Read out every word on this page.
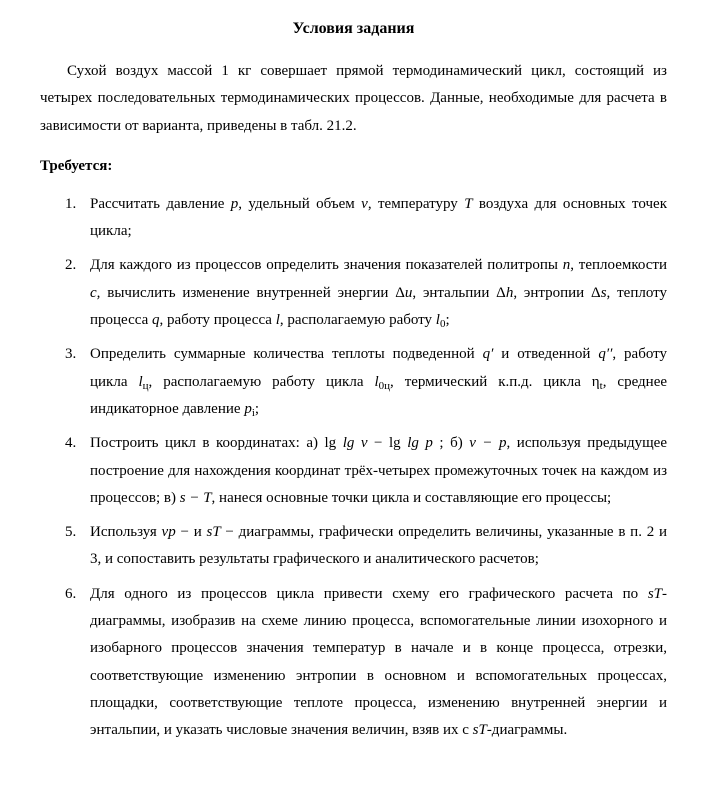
Условия задания

Сухой воздух массой 1 кг совершает прямой термодинамический цикл, состоящий из четырех последовательных термодинамических процессов. Данные, необходимые для расчета в зависимости от варианта, приведены в табл. 21.2.

Требуется:

1. Рассчитать давление p, удельный объем v, температуру T воздуха для основных точек цикла;
2. Для каждого из процессов определить значения показателей политропы n, теплоемкости c, вычислить изменение внутренней энергии Δu, энтальпии Δh, энтропии Δs, теплоту процесса q, работу процесса l, располагаемую работу $l_0$;
3. Определить суммарные количества теплоты подведенной q′ и отведенной q′′, работу цикла $l_ц$, располагаемую работу цикла $l_{0ц}$, термический к.п.д. цикла $\eta_t$, среднее индикаторное давление $p_i$;
4. Построить цикл в координатах: а) lg lg v − lg lg p ; б) v − p, используя предыдущее построение для нахождения координат трёх-четырех промежуточных точек на каждом из процессов; в) s − T, нанеся основные точки цикла и составляющие его процессы;
5. Используя vp − и sT − диаграммы, графически определить величины, указанные в п. 2 и 3, и сопоставить результаты графического и аналитического расчетов;
6. Для одного из процессов цикла привести схему его графического расчета по sT-диаграммы, изобразив на схеме линию процесса, вспомогательные линии изохорного и изобарного процессов значения температур в начале и в конце процесса, отрезки, соответствующие изменению энтропии в основном и вспомогательных процессах, площадки, соответствующие теплоте процесса, изменению внутренней энергии и энтальпии, и указать числовые значения величин, взяв их с sT-диаграммы.
